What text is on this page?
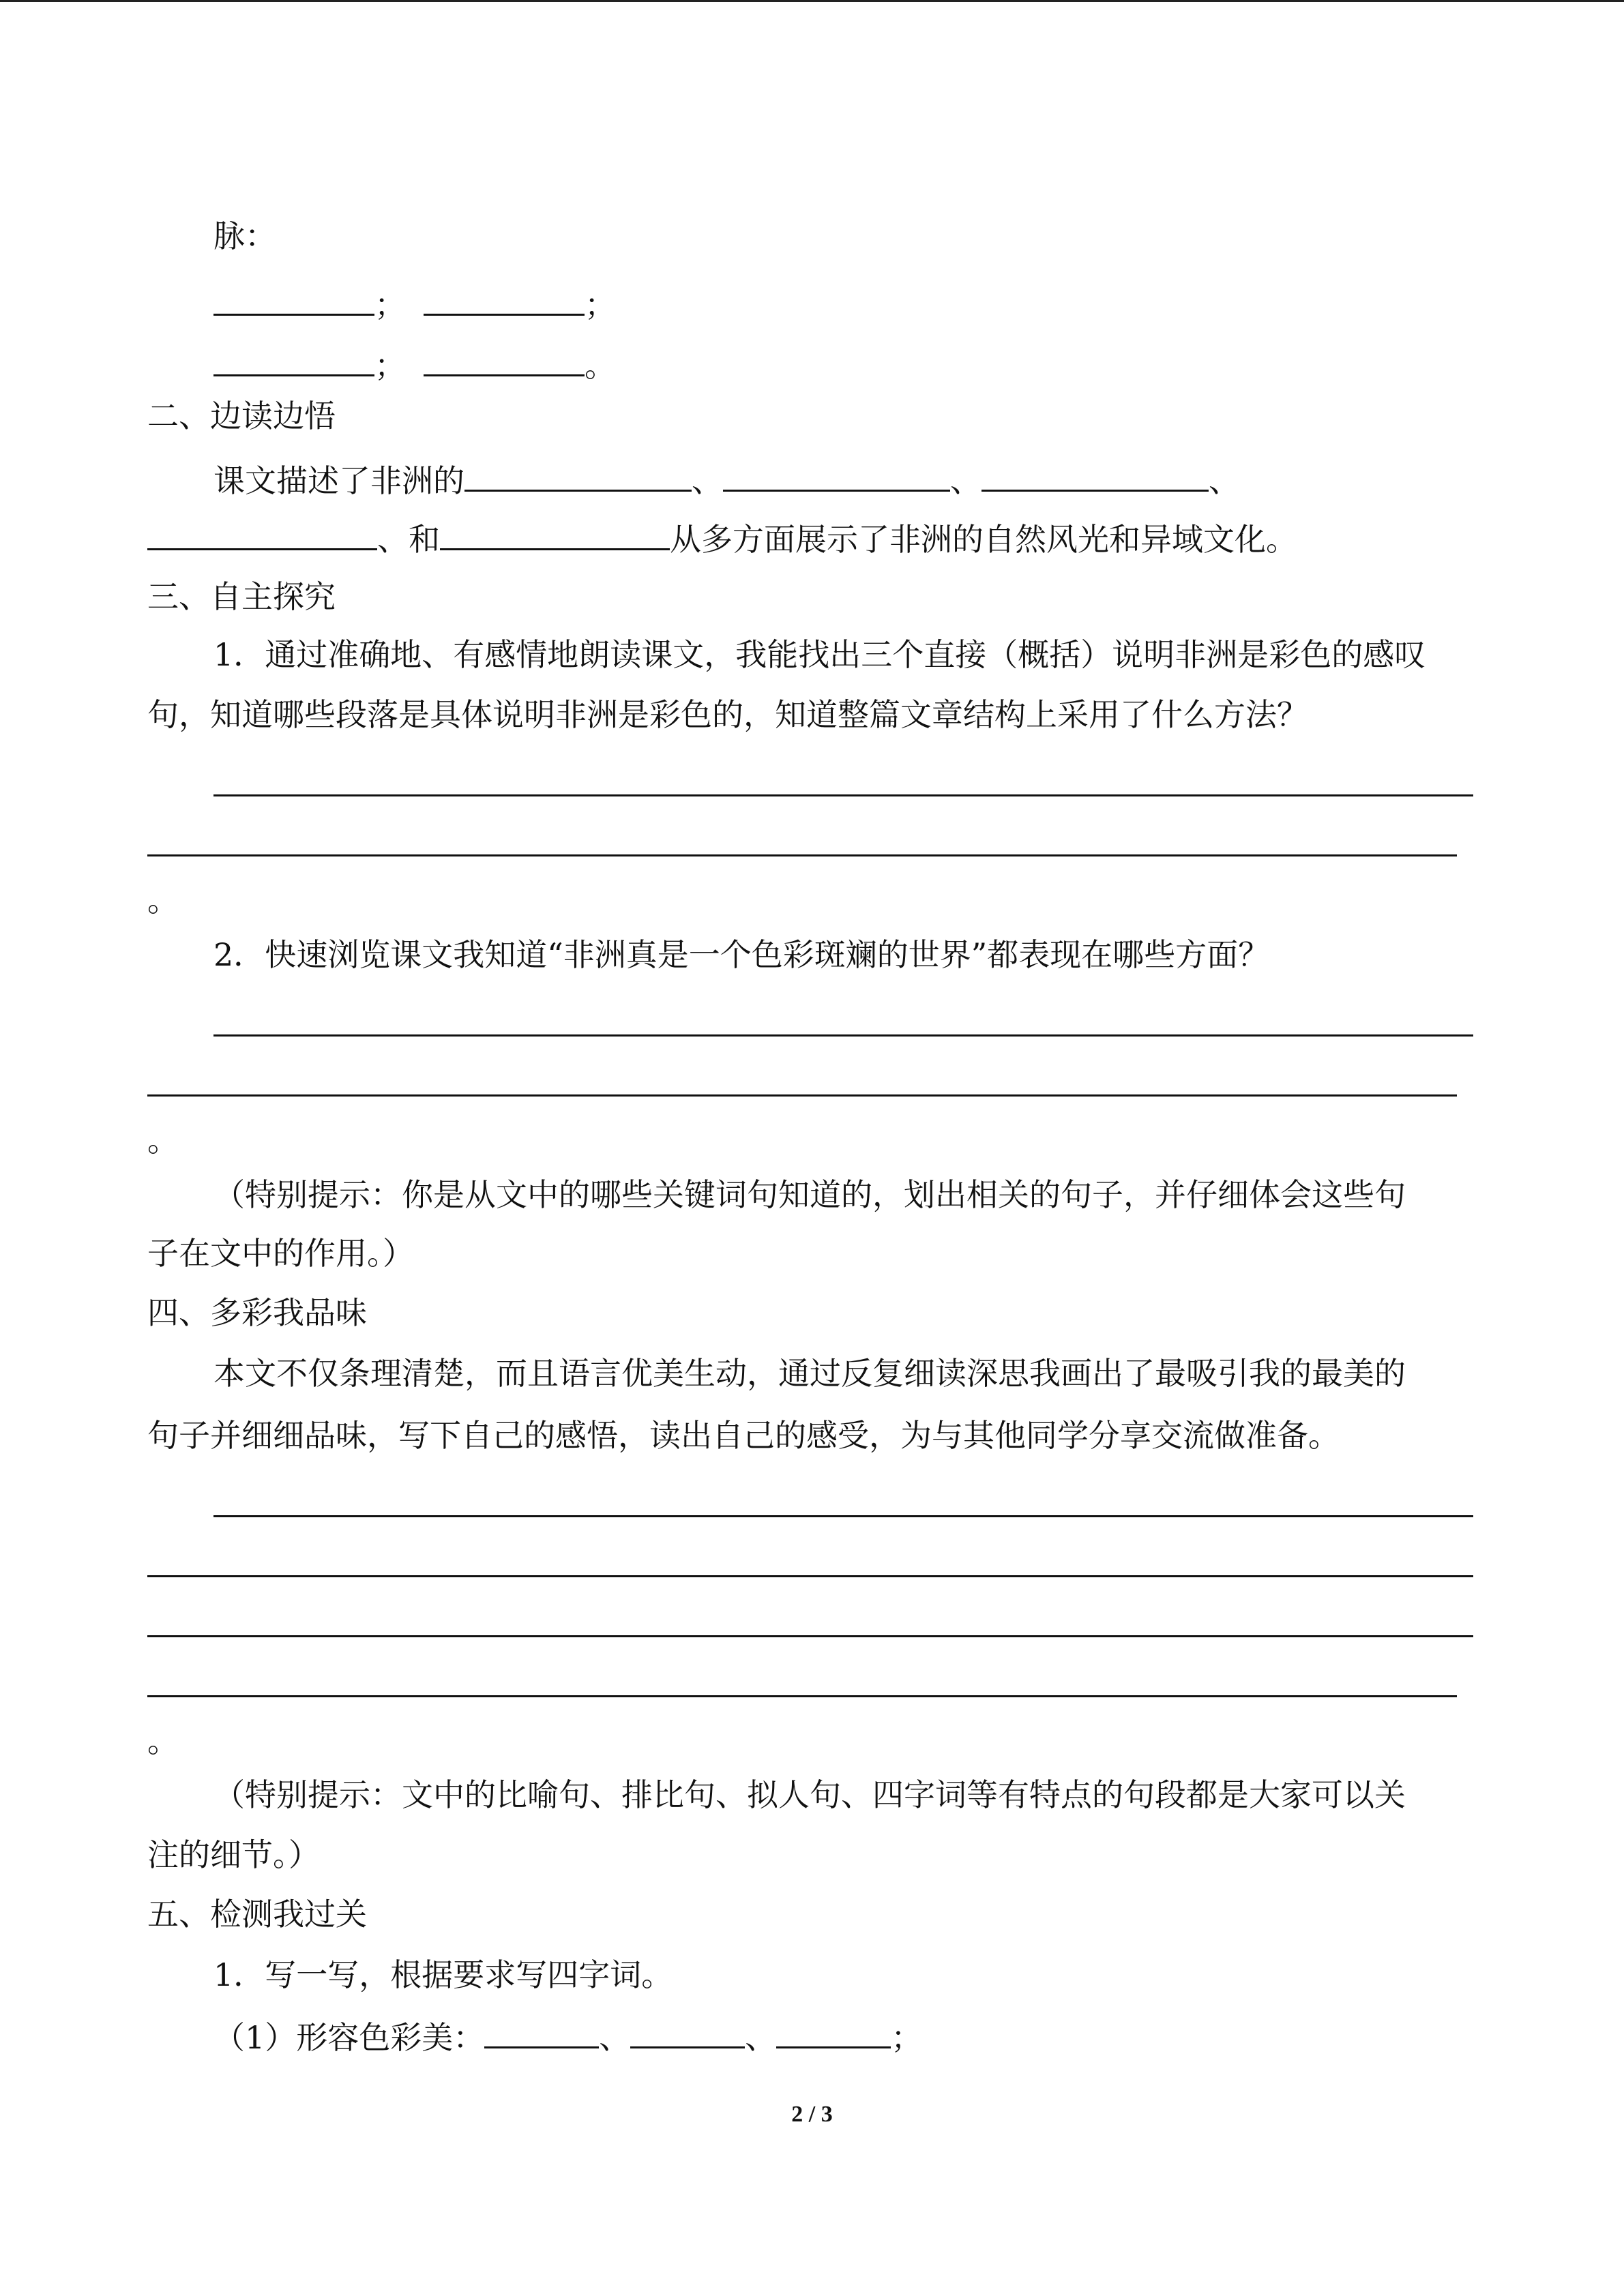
脉：
；	；
；	。
二、边读边悟
课文描述了非洲的	、	、	、
、和	从多方面展示了非洲的自然风光和异域文化。
三、自主探究
1．通过准确地、有感情地朗读课文，我能找出三个直接（概括）说明非洲是彩色的感叹
句，知道哪些段落是具体说明非洲是彩色的，知道整篇文章结构上采用了什么方法？
。
2．快速浏览课文我知道“非洲真是一个色彩斑斓的世界”都表现在哪些方面？
。
（特别提示：你是从文中的哪些关键词句知道的，划出相关的句子，并仔细体会这些句
子在文中的作用。）
四、多彩我品味
本文不仅条理清楚，而且语言优美生动，通过反复细读深思我画出了最吸引我的最美的
句子并细细品味，写下自己的感悟，读出自己的感受，为与其他同学分享交流做准备。
。
（特别提示：文中的比喻句、排比句、拟人句、四字词等有特点的句段都是大家可以关
注的细节。）
五、检测我过关
1．写一写，根据要求写四字词。
（1）形容色彩美：	、	、	；
2 / 3
